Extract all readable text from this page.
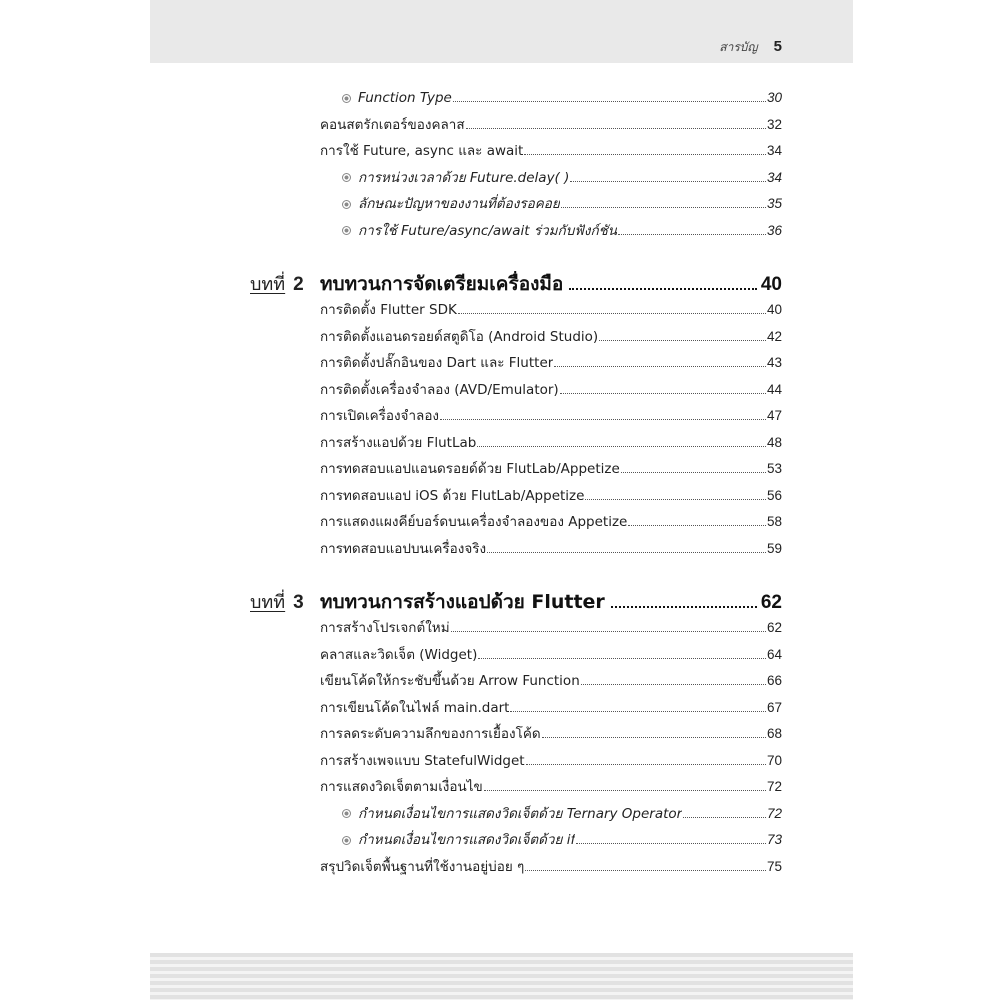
สารบัญ 5
Function Type	30
คอนสตรักเตอร์ของคลาส	32
การใช้ Future, async และ await	34
การหน่วงเวลาด้วย Future.delay( )	34
ลักษณะปัญหาของงานที่ต้องรอคอย	35
การใช้ Future/async/await ร่วมกับฟังก์ชัน	36
บทที่ 2 ทบทวนการจัดเตรียมเครื่องมือ	40
การติดตั้ง Flutter SDK	40
การติดตั้งแอนดรอยด์สตูดิโอ (Android Studio)	42
การติดตั้งปลั๊กอินของ Dart และ Flutter	43
การติดตั้งเครื่องจำลอง (AVD/Emulator)	44
การเปิดเครื่องจำลอง	47
การสร้างแอปด้วย FlutLab	48
การทดสอบแอปแอนดรอยด์ด้วย FlutLab/Appetize	53
การทดสอบแอป iOS ด้วย FlutLab/Appetize	56
การแสดงแผงคีย์บอร์ดบนเครื่องจำลองของ Appetize	58
การทดสอบแอปบนเครื่องจริง	59
บทที่ 3 ทบทวนการสร้างแอปด้วย Flutter	62
การสร้างโปรเจกต์ใหม่	62
คลาสและวิดเจ็ต (Widget)	64
เขียนโค้ดให้กระชับขึ้นด้วย Arrow Function	66
การเขียนโค้ดในไฟล์ main.dart	67
การลดระดับความลึกของการเยื้องโค้ด	68
การสร้างเพจแบบ StatefulWidget	70
การแสดงวิดเจ็ตตามเงื่อนไข	72
กำหนดเงื่อนไขการแสดงวิดเจ็ตด้วย Ternary Operator	72
กำหนดเงื่อนไขการแสดงวิดเจ็ตด้วย if	73
สรุปวิดเจ็ตพื้นฐานที่ใช้งานอยู่บ่อย ๆ	75
